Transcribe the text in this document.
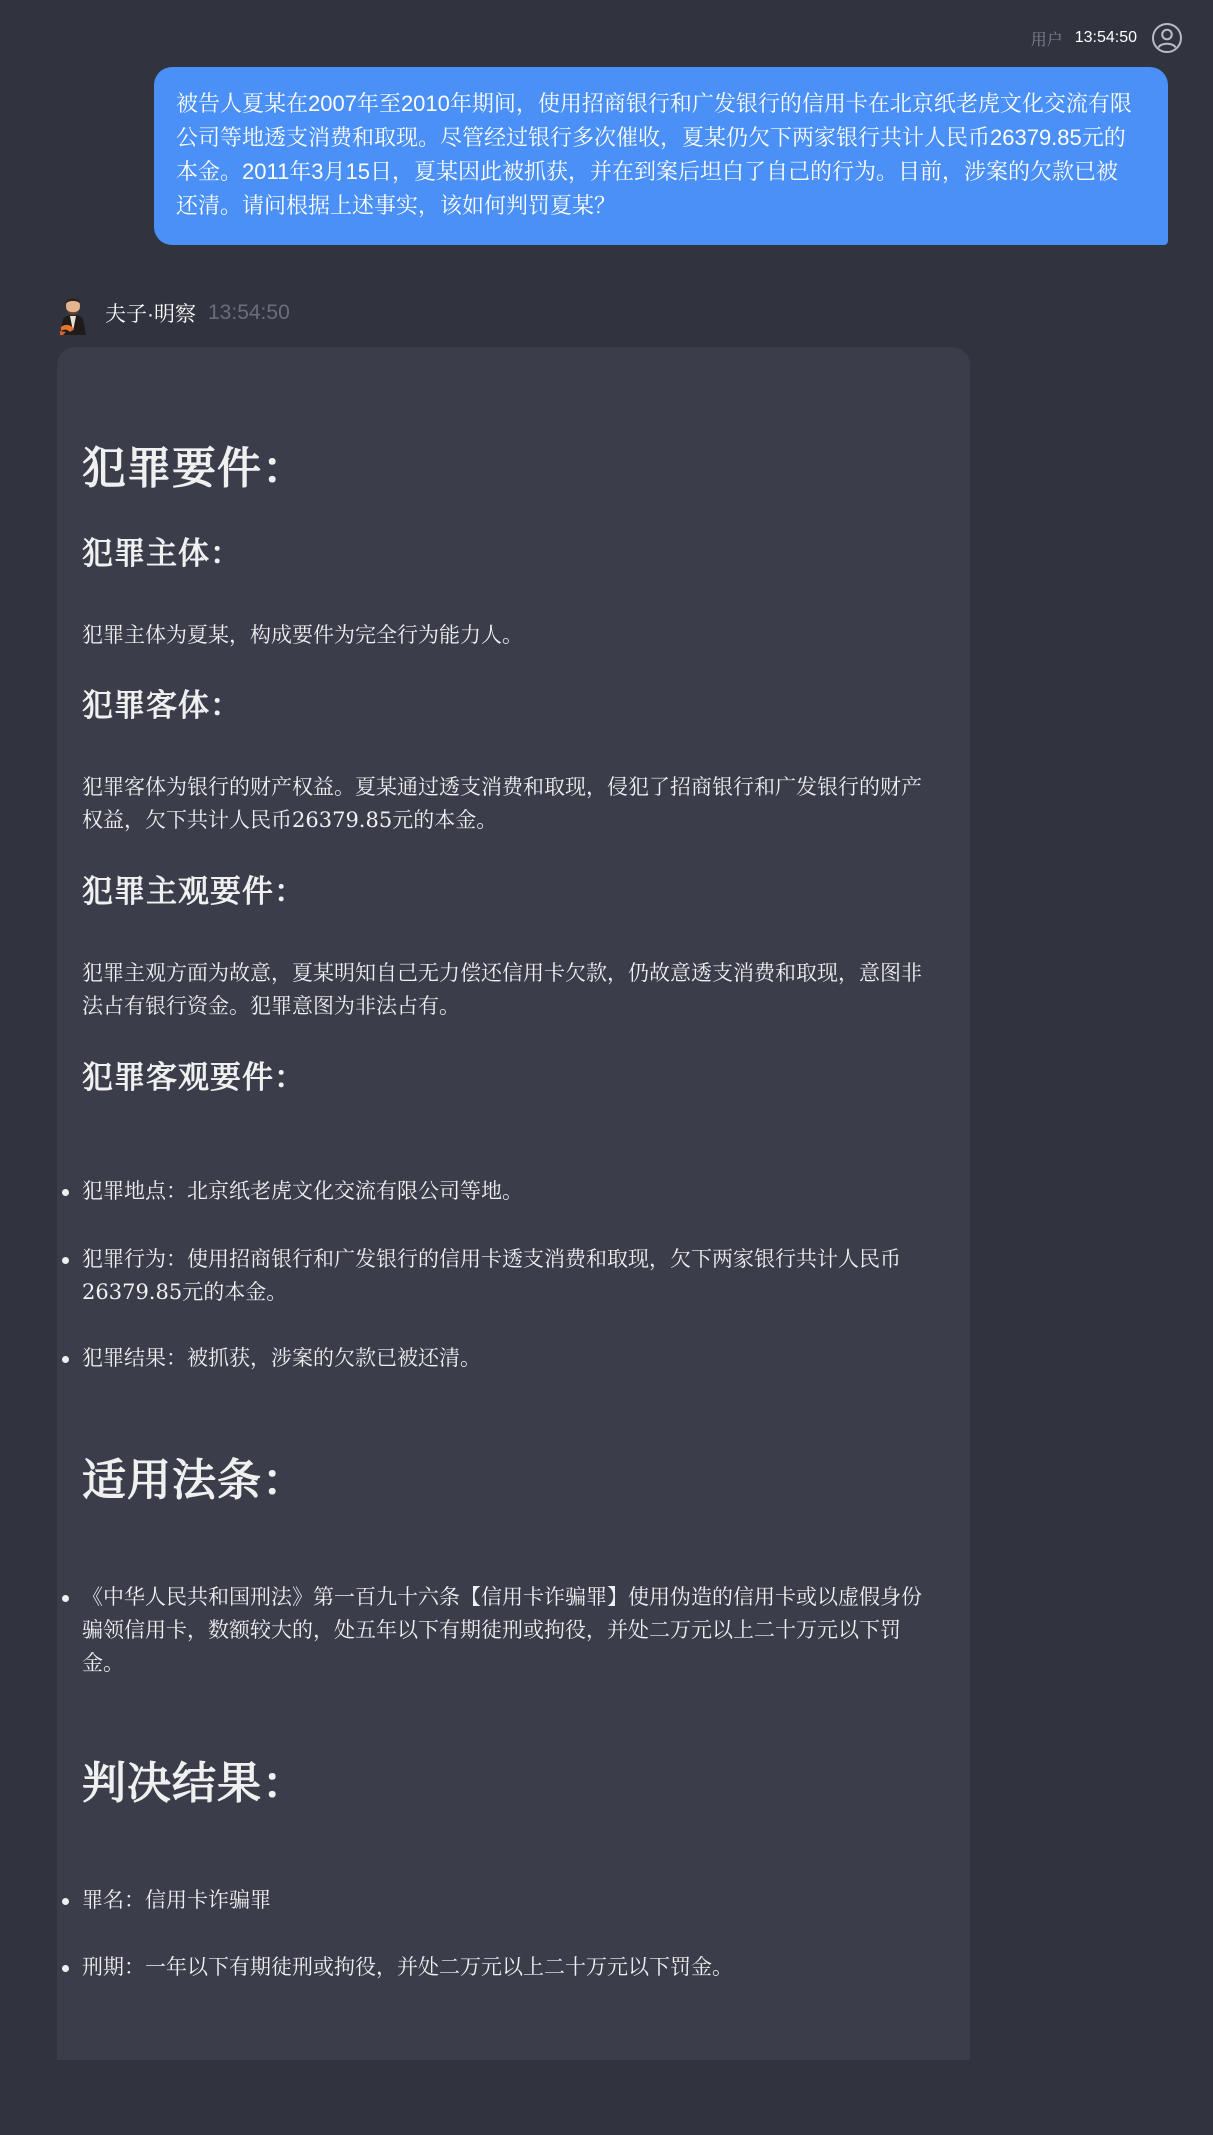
用户 13:54:50
被告人夏某在2007年至2010年期间，使用招商银行和广发银行的信用卡在北京纸老虎文化交流有限公司等地透支消费和取现。尽管经过银行多次催收，夏某仍欠下两家银行共计人民币26379.85元的本金。2011年3月15日，夏某因此被抓获，并在到案后坦白了自己的行为。目前，涉案的欠款已被还清。请问根据上述事实，该如何判罚夏某？
夫子·明察 13:54:50
犯罪要件：
犯罪主体：

犯罪主体为夏某，构成要件为完全行为能力人。

犯罪客体：

犯罪客体为银行的财产权益。夏某通过透支消费和取现，侵犯了招商银行和广发银行的财产权益，欠下共计人民币26379.85元的本金。

犯罪主观要件：

犯罪主观方面为故意，夏某明知自己无力偿还信用卡欠款，仍故意透支消费和取现，意图非法占有银行资金。犯罪意图为非法占有。

犯罪客观要件：
犯罪地点：北京纸老虎文化交流有限公司等地。
犯罪行为：使用招商银行和广发银行的信用卡透支消费和取现，欠下两家银行共计人民币26379.85元的本金。
犯罪结果：被抓获，涉案的欠款已被还清。
适用法条：
《中华人民共和国刑法》第一百九十六条【信用卡诈骗罪】使用伪造的信用卡或以虚假身份骗领信用卡，数额较大的，处五年以下有期徒刑或拘役，并处二万元以上二十万元以下罚金。
判决结果：
罪名：信用卡诈骗罪
刑期：一年以下有期徒刑或拘役，并处二万元以上二十万元以下罚金。
